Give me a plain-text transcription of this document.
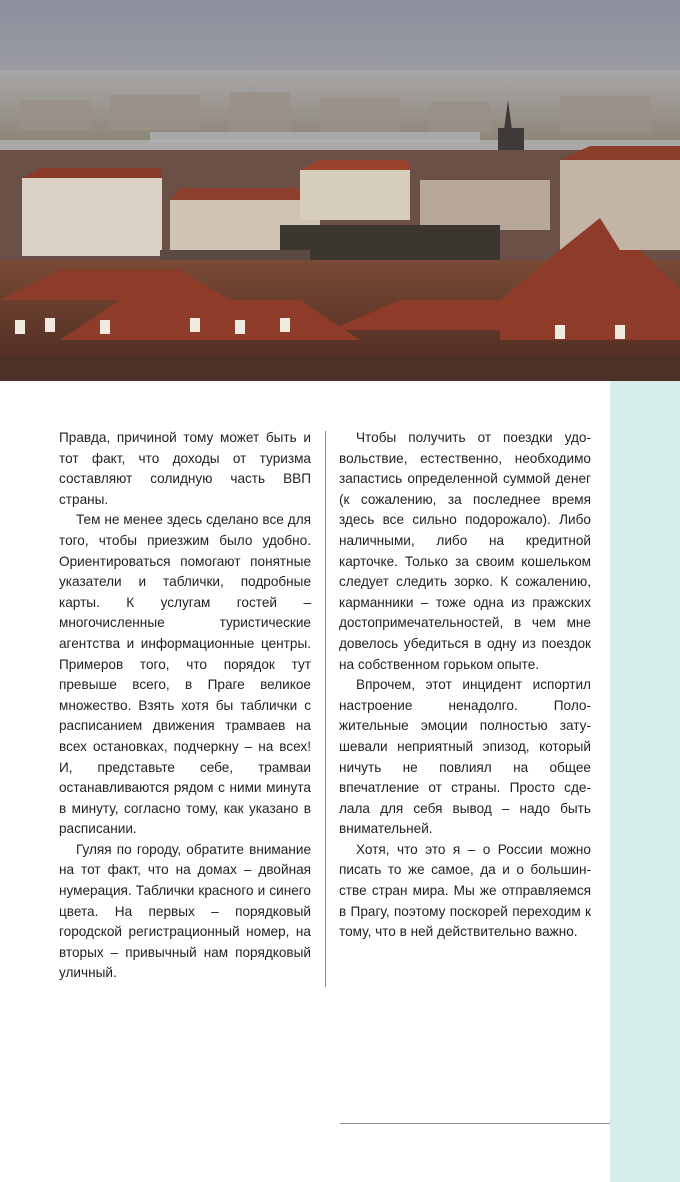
Правда, причиной тому может быть и тот факт, что доходы от туризма составляют солидную часть ВВП страны.

Тем не менее здесь сделано все для того, чтобы приезжим было удобно. Ориентироваться помогают понятные указатели и таблички, подробные карты. К услугам гостей – многочисленные туристические агентства и информационные центры. Примеров того, что порядок тут превыше всего, в Праге великое множество. Взять хотя бы таблички с расписанием движения трамваев на всех остановках, подчеркну – на всех! И, представьте себе, трамваи останавливаются рядом с ними минута в минуту, согласно тому, как указано в расписании.

Гуляя по городу, обратите внимание на тот факт, что на домах – двойная нумерация. Таблички красного и синего цвета. На первых – порядковый городской регистрационный номер, на вторых – привычный нам порядковый уличный.

Чтобы получить от поездки удовольствие, естественно, необходимо запастись определенной суммой денег (к сожалению, за последнее время здесь все сильно подорожало). Либо наличными, либо на кредитной карточке. Только за своим кошельком следует следить зорко. К сожалению, карманники – тоже одна из пражских достопримечательностей, в чем мне довелось убедиться в одну из поездок на собственном горьком опыте.

Впрочем, этот инцидент испортил настроение ненадолго. Положительные эмоции полностью затушевали неприятный эпизод, который ничуть не повлиял на общее впечатление от страны. Просто сделала для себя вывод – надо быть внимательней.

Хотя, что это я – о России можно писать то же самое, да и о большинстве стран мира. Мы же отправляемся в Прагу, поэтому поскорей переходим к тому, что в ней действительно важно.
